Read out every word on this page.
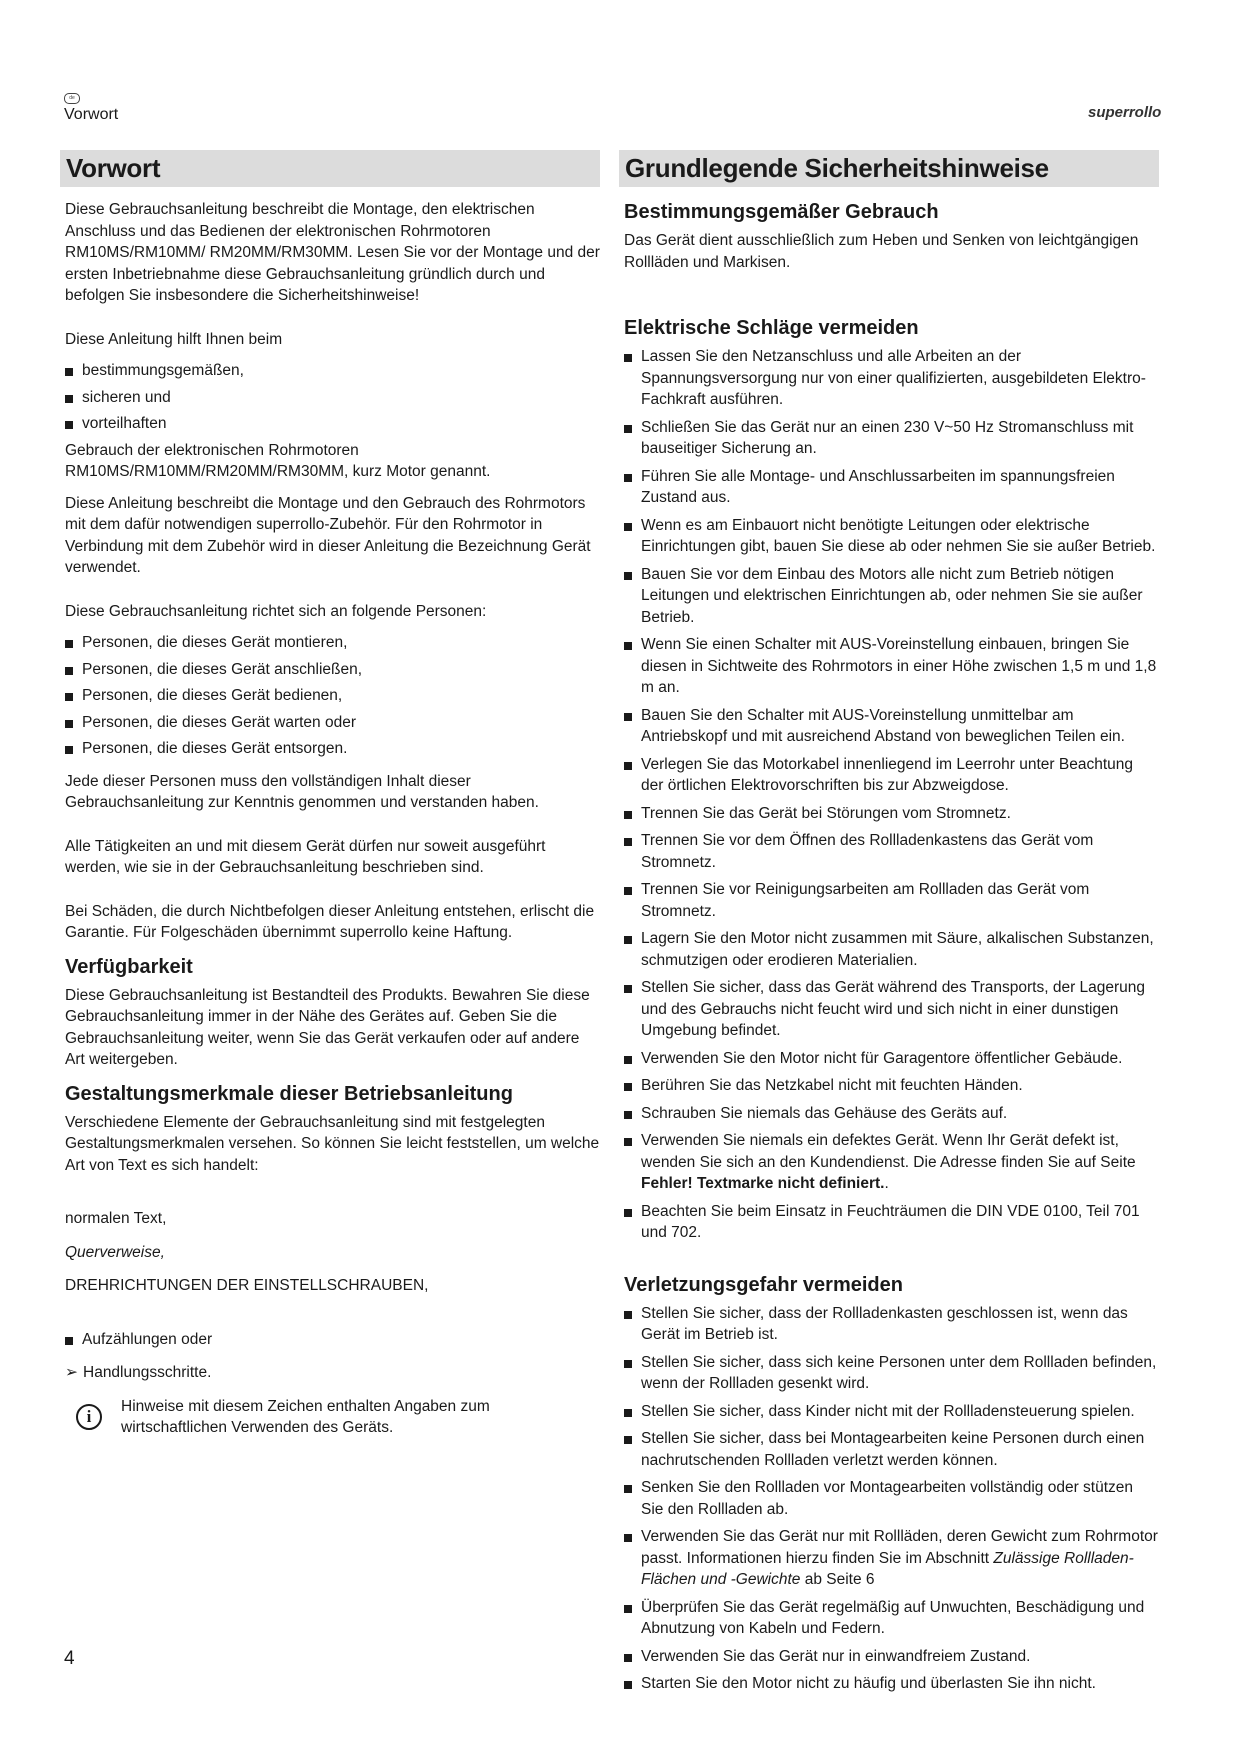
de
Vorwort	superrollo
Vorwort

Diese Gebrauchsanleitung beschreibt die Montage, den elektrischen Anschluss und das Bedienen der elektronischen Rohrmotoren RM10MS/RM10MM/ RM20MM/RM30MM. Lesen Sie vor der Montage und der ersten Inbetriebnahme diese Gebrauchsanleitung gründlich durch und befolgen Sie insbesondere die Sicherheitshinweise!

Diese Anleitung hilft Ihnen beim

bestimmungsgemäßen,
sicheren und
vorteilhaften

Gebrauch der elektronischen Rohrmotoren RM10MS/RM10MM/RM20MM/RM30MM, kurz Motor genannt.

Diese Anleitung beschreibt die Montage und den Gebrauch des Rohrmotors mit dem dafür notwendigen superrollo-Zubehör. Für den Rohrmotor in Verbindung mit dem Zubehör wird in dieser Anleitung die Bezeichnung Gerät verwendet.

Diese Gebrauchsanleitung richtet sich an folgende Personen:

Personen, die dieses Gerät montieren,
Personen, die dieses Gerät anschließen,
Personen, die dieses Gerät bedienen,
Personen, die dieses Gerät warten oder
Personen, die dieses Gerät entsorgen.

Jede dieser Personen muss den vollständigen Inhalt dieser Gebrauchsanleitung zur Kenntnis genommen und verstanden haben.

Alle Tätigkeiten an und mit diesem Gerät dürfen nur soweit ausgeführt werden, wie sie in der Gebrauchsanleitung beschrieben sind.

Bei Schäden, die durch Nichtbefolgen dieser Anleitung entstehen, erlischt die Garantie. Für Folgeschäden übernimmt superrollo keine Haftung.

Verfügbarkeit

Diese Gebrauchsanleitung ist Bestandteil des Produkts. Bewahren Sie diese Gebrauchsanleitung immer in der Nähe des Gerätes auf. Geben Sie die Gebrauchsanleitung weiter, wenn Sie das Gerät verkaufen oder auf andere Art weitergeben.

Gestaltungsmerkmale dieser Betriebsanleitung

Verschiedene Elemente der Gebrauchsanleitung sind mit festgelegten Gestaltungsmerkmalen versehen. So können Sie leicht feststellen, um welche Art von Text es sich handelt:

normalen Text,

Querverweise,

DREHRICHTUNGEN DER EINSTELLSCHRAUBEN,
Aufzählungen oder
➢ Handlungsschritte.
i

Hinweise mit diesem Zeichen enthalten Angaben zum wirtschaftlichen Verwenden des Geräts.

Grundlegende Sicherheitshinweise
Bestimmungsgemäßer Gebrauch

Das Gerät dient ausschließlich zum Heben und Senken von leichtgängigen Rollläden und Markisen.

Elektrische Schläge vermeiden
Lassen Sie den Netzanschluss und alle Arbeiten an der Spannungsversorgung nur von einer qualifizierten, ausgebildeten Elektro-Fachkraft ausführen.
Schließen Sie das Gerät nur an einen 230 V~50 Hz Stromanschluss mit bauseitiger Sicherung an.
Führen Sie alle Montage- und Anschlussarbeiten im spannungsfreien Zustand aus.
Wenn es am Einbauort nicht benötigte Leitungen oder elektrische Einrichtungen gibt, bauen Sie diese ab oder nehmen Sie sie außer Betrieb.
Bauen Sie vor dem Einbau des Motors alle nicht zum Betrieb nötigen Leitungen und elektrischen Einrichtungen ab, oder nehmen Sie sie außer Betrieb.
Wenn Sie einen Schalter mit AUS-Voreinstellung einbauen, bringen Sie diesen in Sichtweite des Rohrmotors in einer Höhe zwischen 1,5 m und 1,8 m an.
Bauen Sie den Schalter mit AUS-Voreinstellung unmittelbar am Antriebskopf und mit ausreichend Abstand von beweglichen Teilen ein.
Verlegen Sie das Motorkabel innenliegend im Leerrohr unter Beachtung der örtlichen Elektrovorschriften bis zur Abzweigdose.
Trennen Sie das Gerät bei Störungen vom Stromnetz.
Trennen Sie vor dem Öffnen des Rollladenkastens das Gerät vom Stromnetz.
Trennen Sie vor Reinigungsarbeiten am Rollladen das Gerät vom Stromnetz.
Lagern Sie den Motor nicht zusammen mit Säure, alkalischen Substanzen, schmutzigen oder erodieren Materialien.
Stellen Sie sicher, dass das Gerät während des Transports, der Lagerung und des Gebrauchs nicht feucht wird und sich nicht in einer dunstigen Umgebung befindet.
Verwenden Sie den Motor nicht für Garagentore öffentlicher Gebäude.
Berühren Sie das Netzkabel nicht mit feuchten Händen.
Schrauben Sie niemals das Gehäuse des Geräts auf.
Verwenden Sie niemals ein defektes Gerät. Wenn Ihr Gerät defekt ist, wenden Sie sich an den Kundendienst. Die Adresse finden Sie auf Seite Fehler! Textmarke nicht definiert..
Beachten Sie beim Einsatz in Feuchträumen die DIN VDE 0100, Teil 701 und 702.
Verletzungsgefahr vermeiden
Stellen Sie sicher, dass der Rollladenkasten geschlossen ist, wenn das Gerät im Betrieb ist.
Stellen Sie sicher, dass sich keine Personen unter dem Rollladen befinden, wenn der Rollladen gesenkt wird.
Stellen Sie sicher, dass Kinder nicht mit der Rollladensteuerung spielen.
Stellen Sie sicher, dass bei Montagearbeiten keine Personen durch einen nachrutschenden Rollladen verletzt werden können.
Senken Sie den Rollladen vor Montagearbeiten vollständig oder stützen Sie den Rollladen ab.
Verwenden Sie das Gerät nur mit Rollläden, deren Gewicht zum Rohrmotor passt. Informationen hierzu finden Sie im Abschnitt Zulässige Rollladen-Flächen und -Gewichte ab Seite 6
Überprüfen Sie das Gerät regelmäßig auf Unwuchten, Beschädigung und Abnutzung von Kabeln und Federn.
Verwenden Sie das Gerät nur in einwandfreiem Zustand.
Starten Sie den Motor nicht zu häufig und überlasten Sie ihn nicht.
4
